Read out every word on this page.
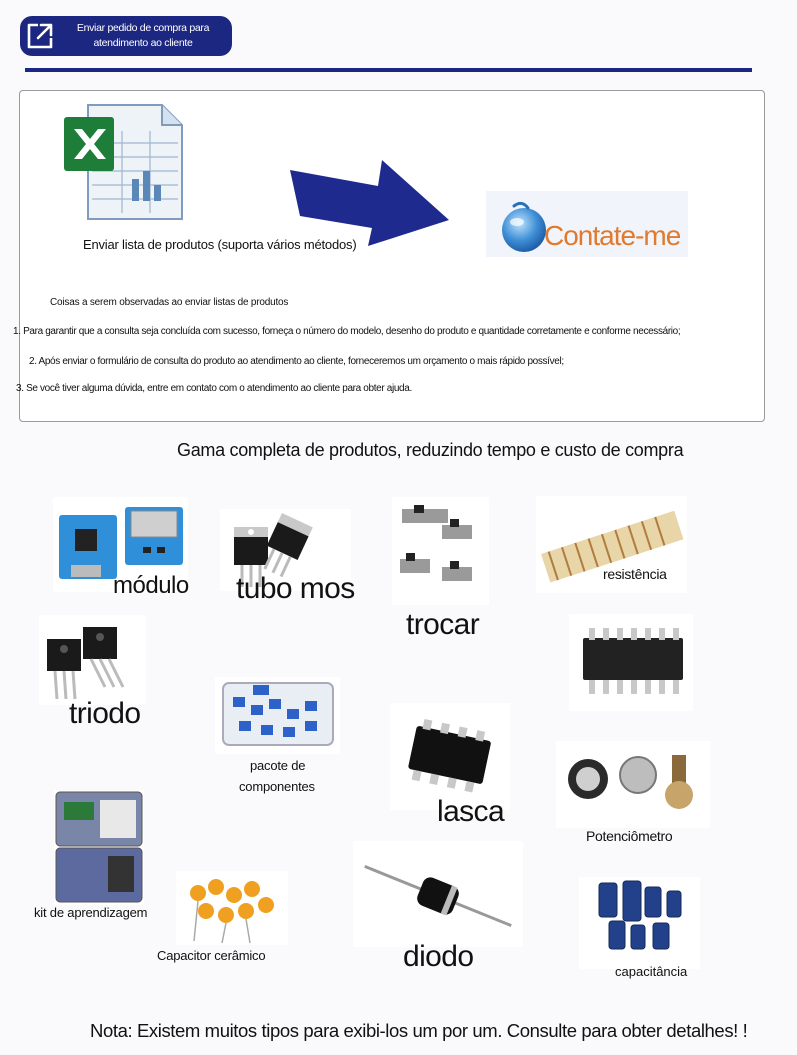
Enviar pedido de compra para
atendimento ao cliente
Contate-me
Enviar lista de produtos (suporta vários métodos)
Coisas a serem observadas ao enviar listas de produtos
1. Para garantir que a consulta seja concluída com sucesso, forneça o número do modelo, desenho do produto e quantidade corretamente e conforme necessário;
2. Após enviar o formulário de consulta do produto ao atendimento ao cliente, forneceremos um orçamento o mais rápido possível;
3. Se você tiver alguma dúvida, entre em contato com o atendimento ao cliente para obter ajuda.
Gama completa de produtos, reduzindo tempo e custo de compra
módulo tubo mos
trocar
resistência
triodo
pacote de
componentes
lasca
Potenciômetro
kit de aprendizagem
Capacitor cerâmico	diodo	capacitância
Nota: Existem muitos tipos para exibi-los um por um. Consulte para obter detalhes! !
